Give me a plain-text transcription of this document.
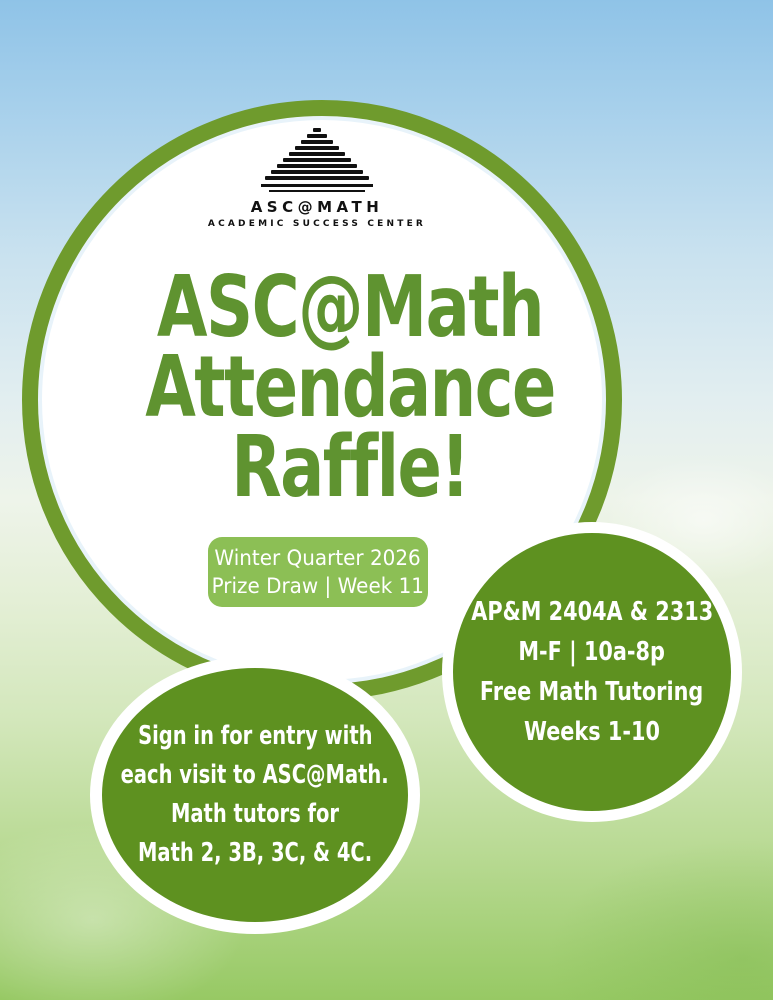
ASC@MATH
ACADEMIC SUCCESS CENTER
ASC@Math
Attendance
Raffle!
Winter Quarter 2026
Prize Draw | Week 11
AP&M 2404A & 2313
M-F | 10a-8p
Free Math Tutoring
Weeks 1-10
Sign in for entry with
each visit to ASC@Math.
Math tutors for
Math 2, 3B, 3C, & 4C.
